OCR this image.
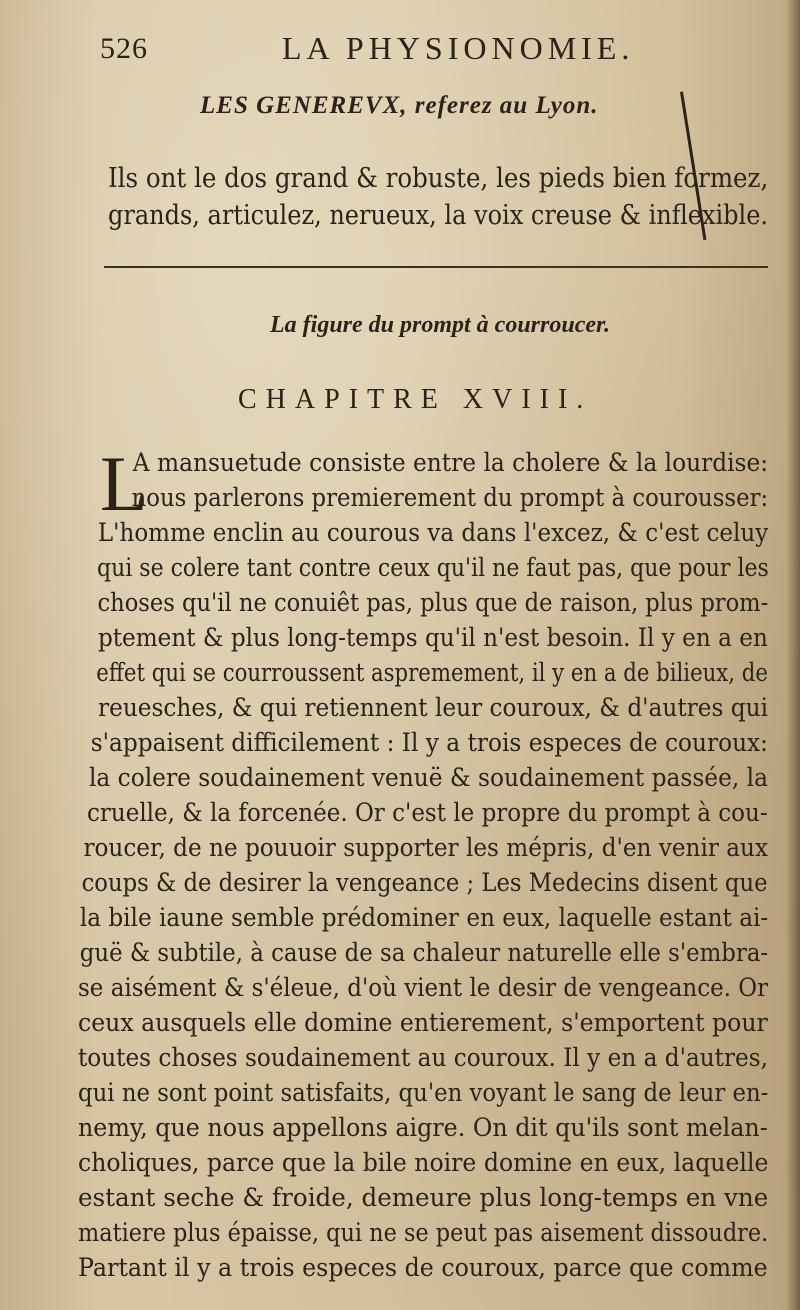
526	LA PHYSIONOMIE.
LES GENEREVX, referez au Lyon.
Ils ont le dos grand & robuste, les pieds bien formez,
grands, articulez, nerueux, la voix creuse & inflexible.
La figure du prompt à courroucer.
CHAPITRE XVIII.
L
A mansuetude consiste entre la cholere & la lourdise:
nous parlerons premierement du prompt à courousser:
L'homme enclin au courous va dans l'excez, & c'est celuy
qui se colere tant contre ceux qu'il ne faut pas, que pour les
choses qu'il ne conuiêt pas, plus que de raison, plus prom-
ptement & plus long-temps qu'il n'est besoin. Il y en a en
effet qui se courroussent aspremement, il y en a de bilieux, de
reuesches, & qui retiennent leur couroux, & d'autres qui
s'appaisent difficilement : Il y a trois especes de couroux:
la colere soudainement venuë & soudainement passée, la
cruelle, & la forcenée. Or c'est le propre du prompt à cou-
roucer, de ne pouuoir supporter les mépris, d'en venir aux
coups & de desirer la vengeance ; Les Medecins disent que
la bile iaune semble prédominer en eux, laquelle estant ai-
guë & subtile, à cause de sa chaleur naturelle elle s'embra-
se aisément & s'éleue, d'où vient le desir de vengeance. Or
ceux ausquels elle domine entierement, s'emportent pour
toutes choses soudainement au couroux. Il y en a d'autres,
qui ne sont point satisfaits, qu'en voyant le sang de leur en-
nemy, que nous appellons aigre. On dit qu'ils sont melan-
choliques, parce que la bile noire domine en eux, laquelle
estant seche & froide, demeure plus long-temps en vne
matiere plus épaisse, qui ne se peut pas aisement dissoudre.
Partant il y a trois especes de couroux, parce que comme
